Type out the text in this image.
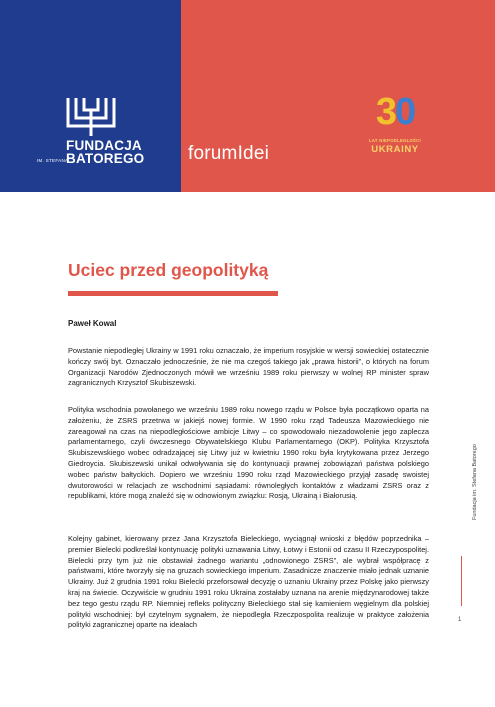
FUNDACJA
IM. STEFANA
BATOREGO forumIdei
30
LAT NIEPODLEGŁOŚCI
UKRAINY
Uciec przed geopolityką
Paweł Kowal

Powstanie niepodległej Ukrainy w 1991 roku oznaczało, że imperium rosyjskie w wersji sowieckiej ostatecznie kończy swój byt. Oznaczało jednocześnie, że nie ma czegoś takiego jak „prawa historii”, o których na forum Organizacji Narodów Zjednoczonych mówił we wrześniu 1989 roku pierwszy w wolnej RP minister spraw zagranicznych Krzysztof Skubiszewski.

Polityka wschodnia powołanego we wrześniu 1989 roku nowego rządu w Polsce była początkowo oparta na założeniu, że ZSRS przetrwa w jakiejś nowej formie. W 1990 roku rząd Tadeusza Mazowieckiego nie zareagował na czas na niepodległościowe ambicje Litwy – co spowodowało niezadowolenie jego zaplecza parlamentarnego, czyli ówczesnego Obywatelskiego Klubu Parlamentarnego (OKP). Polityka Krzysztofa Skubiszewskiego wobec odradzającej się Litwy już w kwietniu 1990 roku była krytykowana przez Jerzego Giedroycia. Skubiszewski unikał odwoływania się do kontynuacji prawnej zobowiązań państwa polskiego wobec państw bałtyckich. Dopiero we wrześniu 1990 roku rząd Mazowieckiego przyjął zasadę swoistej dwutorowości w relacjach ze wschodnimi sąsiadami: równoległych kontaktów z władzami ZSRS oraz z republikami, które mogą znaleźć się w odnowionym związku: Rosją, Ukrainą i Białorusią.

Kolejny gabinet, kierowany przez Jana Krzysztofa Bieleckiego, wyciągnął wnioski z błędów poprzednika – premier Bielecki podkreślał kontynuację polityki uznawania Litwy, Łotwy i Estonii od czasu II Rzeczypospolitej. Bielecki przy tym już nie obstawiał żadnego wariantu „odnowionego ZSRS”, ale wybrał współpracę z państwami, które tworzyły się na gruzach sowieckiego imperium. Zasadnicze znaczenie miało jednak uznanie Ukrainy. Już 2 grudnia 1991 roku Bielecki przeforsował decyzję o uznaniu Ukrainy przez Polskę jako pierwszy kraj na świecie. Oczywiście w grudniu 1991 roku Ukraina zostałaby uznana na arenie międzynarodowej także bez tego gestu rządu RP. Niemniej refleks polityczny Bieleckiego stał się kamieniem węgielnym dla polskiej polityki wschodniej: był czytelnym sygnałem, że niepodległa Rzeczpospolita realizuje w praktyce założenia polityki zagranicznej oparte na ideałach

Fundacja im. Stefana Batorego
1
